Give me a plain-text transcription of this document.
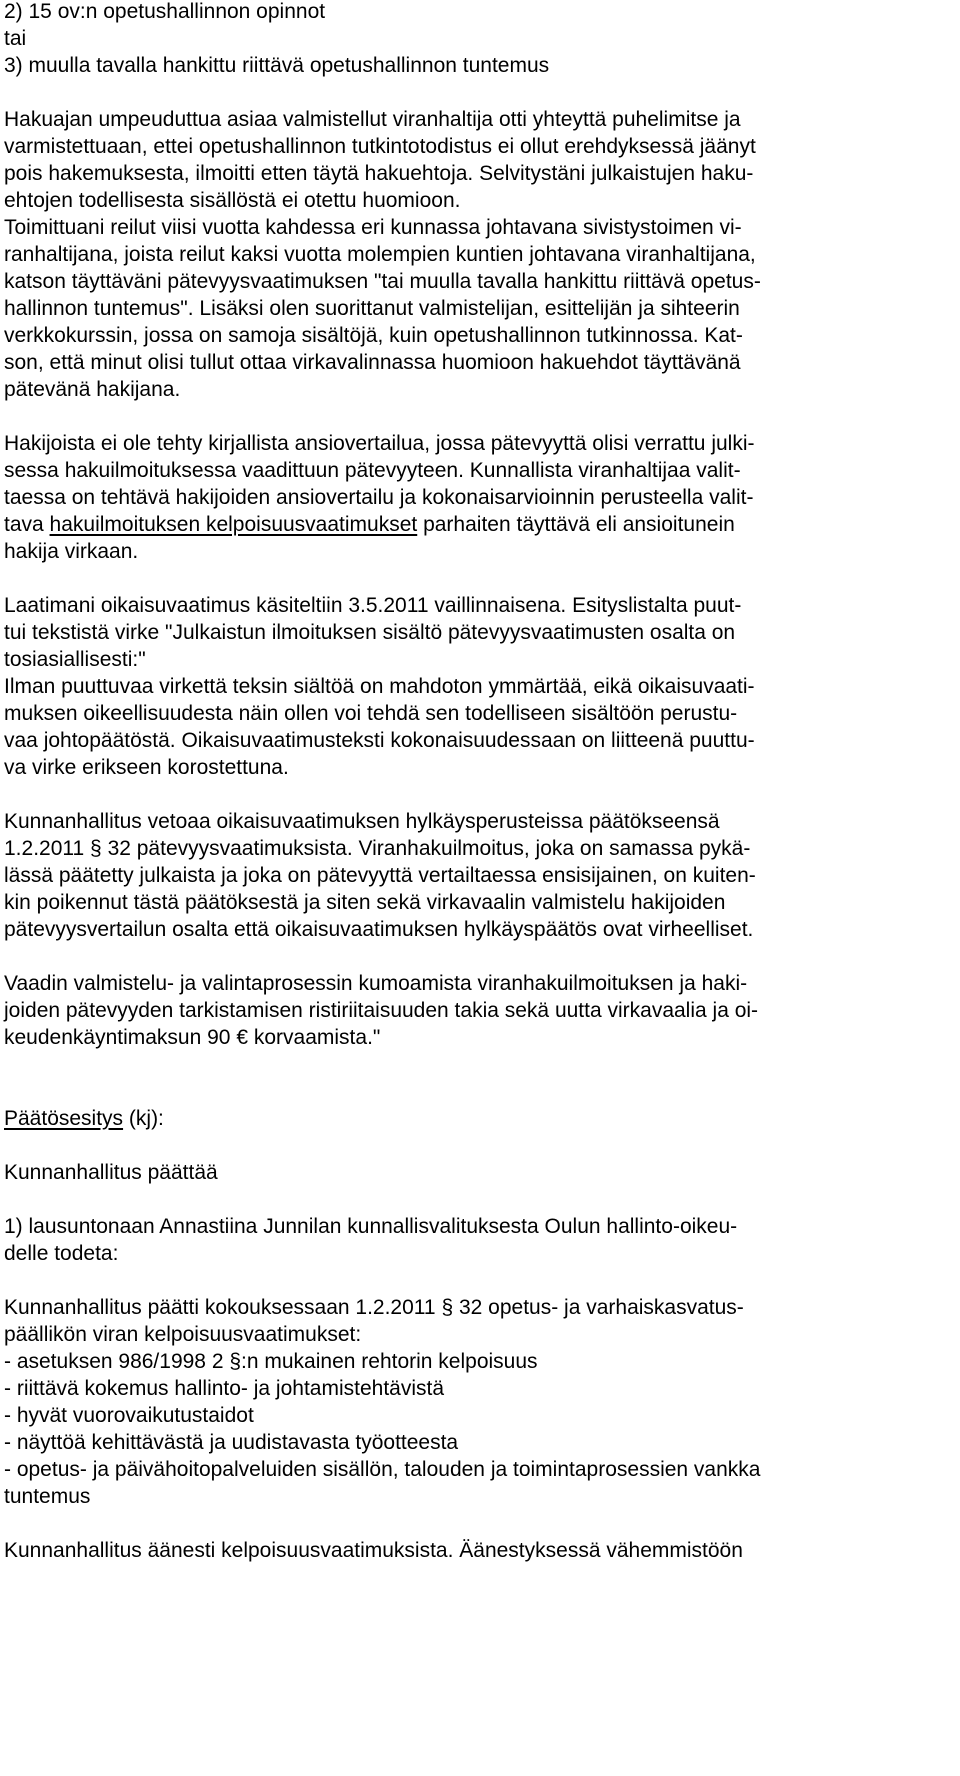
2) 15 ov:n opetushallinnon opinnot
tai
3) muulla tavalla hankittu riittävä opetushallinnon tuntemus
Hakuajan umpeuduttua asiaa valmistellut viranhaltija otti yhteyttä puhelimitse ja
varmistettuaan, ettei opetushallinnon tutkintotodistus ei ollut erehdyksessä jäänyt
pois hakemuksesta, ilmoitti etten täytä hakuehtoja. Selvitystäni julkaistujen haku-
ehtojen todellisesta sisällöstä ei otettu huomioon.
Toimittuani reilut viisi vuotta kahdessa eri kunnassa johtavana sivistystoimen vi-
ranhaltijana, joista reilut kaksi vuotta molempien kuntien johtavana viranhaltijana,
katson täyttäväni pätevyysvaatimuksen "tai muulla tavalla hankittu riittävä opetus-
hallinnon tuntemus". Lisäksi olen suorittanut valmistelijan, esittelijän ja sihteerin
verkkokurssin, jossa on samoja sisältöjä, kuin opetushallinnon tutkinnossa. Kat-
son, että minut olisi tullut ottaa virkavalinnassa huomioon hakuehdot täyttävänä
pätevänä hakijana.
Hakijoista ei ole tehty kirjallista ansiovertailua, jossa pätevyyttä olisi verrattu julki-
sessa hakuilmoituksessa vaadittuun pätevyyteen. Kunnallista viranhaltijaa valit-
taessa on tehtävä hakijoiden ansiovertailu ja kokonaisarvioinnin perusteella valit-
tava hakuilmoituksen kelpoisuusvaatimukset parhaiten täyttävä eli ansioitunein
hakija virkaan.
Laatimani oikaisuvaatimus käsiteltiin 3.5.2011 vaillinnaisena. Esityslistalta puut-
tui tekstistä virke "Julkaistun ilmoituksen sisältö pätevyysvaatimusten osalta on
tosiasiallisesti:"
Ilman puuttuvaa virkettä teksin siältöä on mahdoton ymmärtää, eikä oikaisuvaati-
muksen oikeellisuudesta näin ollen voi tehdä sen todelliseen sisältöön perustu-
vaa johtopäätöstä. Oikaisuvaatimusteksti kokonaisuudessaan on liitteenä puuttu-
va virke erikseen korostettuna.
Kunnanhallitus vetoaa oikaisuvaatimuksen hylkäysperusteissa päätökseensä
1.2.2011 § 32 pätevyysvaatimuksista. Viranhakuilmoitus, joka on samassa pykä-
lässä päätetty julkaista ja joka on pätevyyttä vertailtaessa ensisijainen, on kuiten-
kin poikennut tästä päätöksestä ja siten sekä virkavaalin valmistelu hakijoiden
pätevyysvertailun osalta että oikaisuvaatimuksen hylkäyspäätös ovat virheelliset.
Vaadin valmistelu- ja valintaprosessin kumoamista viranhakuilmoituksen ja haki-
joiden pätevyyden tarkistamisen ristiriitaisuuden takia sekä uutta virkavaalia ja oi-
keudenkäyntimaksun 90 € korvaamista."
Päätösesitys (kj):
Kunnanhallitus päättää
1) lausuntonaan Annastiina Junnilan kunnallisvalituksesta Oulun hallinto-oikeu-
delle todeta:
Kunnanhallitus päätti kokouksessaan 1.2.2011 § 32 opetus- ja varhaiskasvatus-
päällikön viran kelpoisuusvaatimukset:
- asetuksen 986/1998 2 §:n mukainen rehtorin kelpoisuus
- riittävä kokemus hallinto- ja johtamistehtävistä
- hyvät vuorovaikutustaidot
- näyttöä kehittävästä ja uudistavasta työotteesta
- opetus- ja päivähoitopalveluiden sisällön, talouden ja toimintaprosessien vankka
tuntemus
Kunnanhallitus äänesti kelpoisuusvaatimuksista. Äänestyksessä vähemmistöön
